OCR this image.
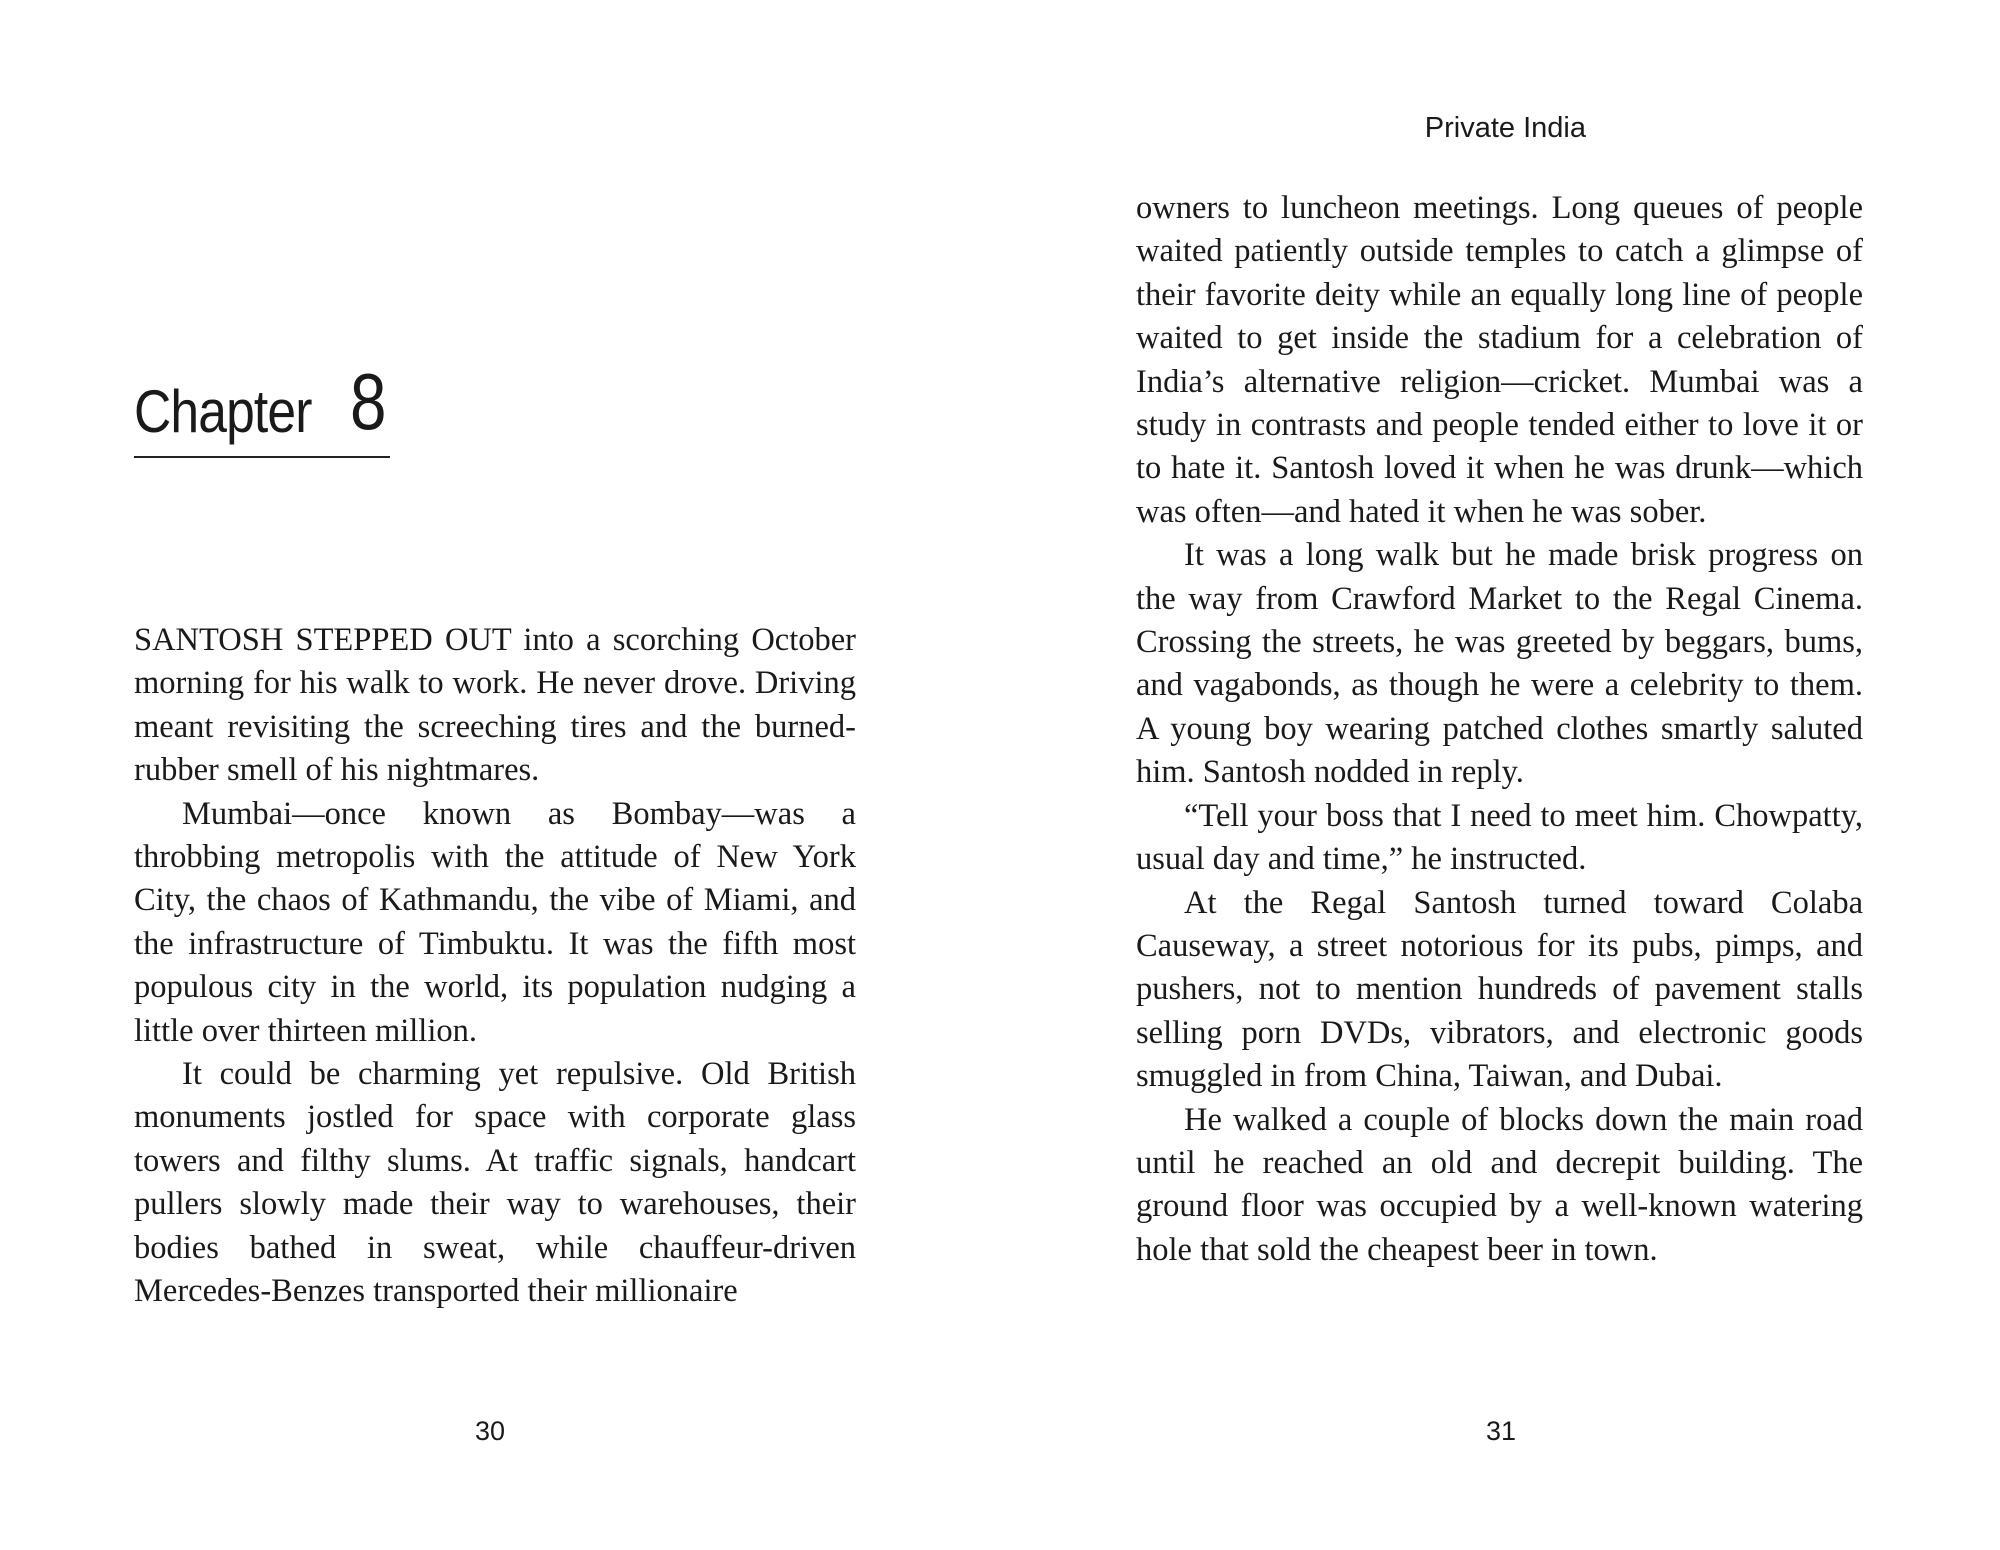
Chapter 8

SANTOSH STEPPED OUT into a scorching October morning for his walk to work. He never drove. Driving meant revisiting the screeching tires and the burned-rubber smell of his nightmares.

Mumbai—once known as Bombay—was a throbbing metropolis with the attitude of New York City, the chaos of Kathmandu, the vibe of Miami, and the infrastructure of Timbuktu. It was the fifth most populous city in the world, its population nudging a little over thirteen million.

It could be charming yet repulsive. Old British monuments jostled for space with corporate glass towers and filthy slums. At traffic signals, handcart pullers slowly made their way to warehouses, their bodies bathed in sweat, while chauffeur-driven Mercedes-Benzes transported their millionaire

30
Private India

owners to luncheon meetings. Long queues of people waited patiently outside temples to catch a glimpse of their favorite deity while an equally long line of people waited to get inside the stadium for a celebration of India’s alternative religion—cricket. Mumbai was a study in contrasts and people tended either to love it or to hate it. Santosh loved it when he was drunk—which was often—and hated it when he was sober.

It was a long walk but he made brisk progress on the way from Crawford Market to the Regal Cinema. Crossing the streets, he was greeted by beggars, bums, and vagabonds, as though he were a celebrity to them. A young boy wearing patched clothes smartly saluted him. Santosh nodded in reply.

“Tell your boss that I need to meet him. Chowpatty, usual day and time,” he instructed.

At the Regal Santosh turned toward Colaba Causeway, a street notorious for its pubs, pimps, and pushers, not to mention hundreds of pavement stalls selling porn DVDs, vibrators, and electronic goods smuggled in from China, Taiwan, and Dubai.

He walked a couple of blocks down the main road until he reached an old and decrepit building. The ground floor was occupied by a well-known watering hole that sold the cheapest beer in town.

31
